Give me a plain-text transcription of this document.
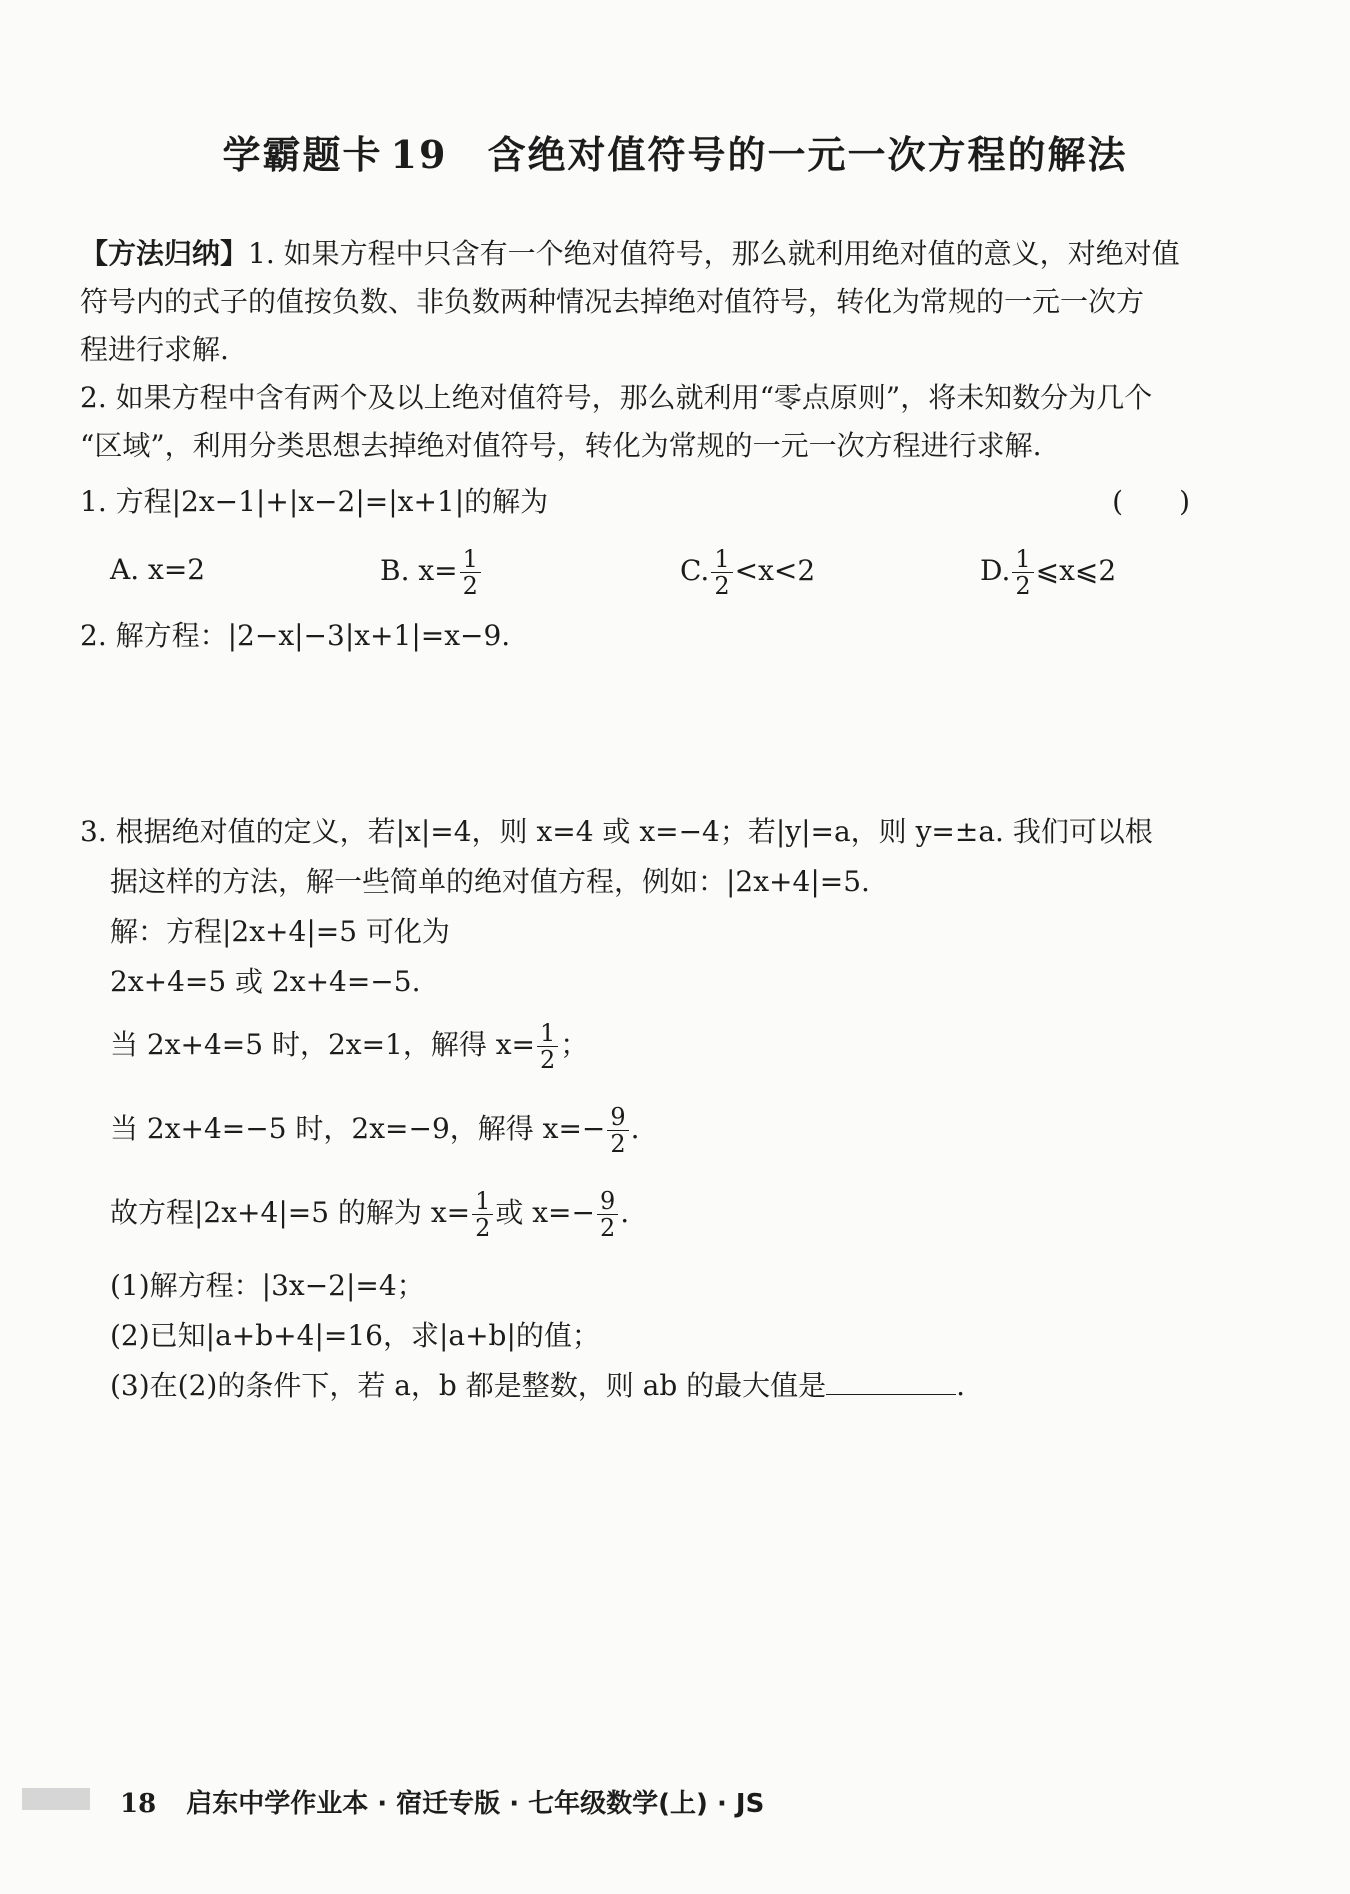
学霸题卡 19 含绝对值符号的一元一次方程的解法
【方法归纳】1. 如果方程中只含有一个绝对值符号，那么就利用绝对值的意义，对绝对值
符号内的式子的值按负数、非负数两种情况去掉绝对值符号，转化为常规的一元一次方
程进行求解.
2. 如果方程中含有两个及以上绝对值符号，那么就利用“零点原则”，将未知数分为几个
“区域”，利用分类思想去掉绝对值符号，转化为常规的一元一次方程进行求解.
1. 方程|2x−1|+|x−2|=|x+1|的解为	(　　)
A. x=2	B. $x= \frac{1}{2}$	C. $\frac{1}{2} <x<2$	D. $\frac{1}{2}$ ⩽x⩽2
2. 解方程：|2−x|−3|x+1|=x−9.
3. 根据绝对值的定义，若|x|=4，则 x=4 或 x=−4；若|y|=a，则 y=±a. 我们可以根
据这样的方法，解一些简单的绝对值方程，例如：|2x+4|=5.
解：方程|2x+4|=5 可化为
2x+4=5 或 2x+4=−5.
当 2x+4=5 时，2x=1，解得 $x= \frac{1}{2}$ ；
当 2x+4=−5 时，2x=−9，解得 $x=- \frac{9}{2}$ .
故方程|2x+4|=5 的解为 $x= \frac{1}{2}$ 或 $x=- \frac{9}{2}$ .
(1)解方程：|3x−2|=4；
(2)已知|a+b+4|=16，求|a+b|的值；
(3)在(2)的条件下，若 a，b 都是整数，则 ab 的最大值是	.
18 启东中学作业本 · 宿迁专版 · 七年级数学(上) · JS
